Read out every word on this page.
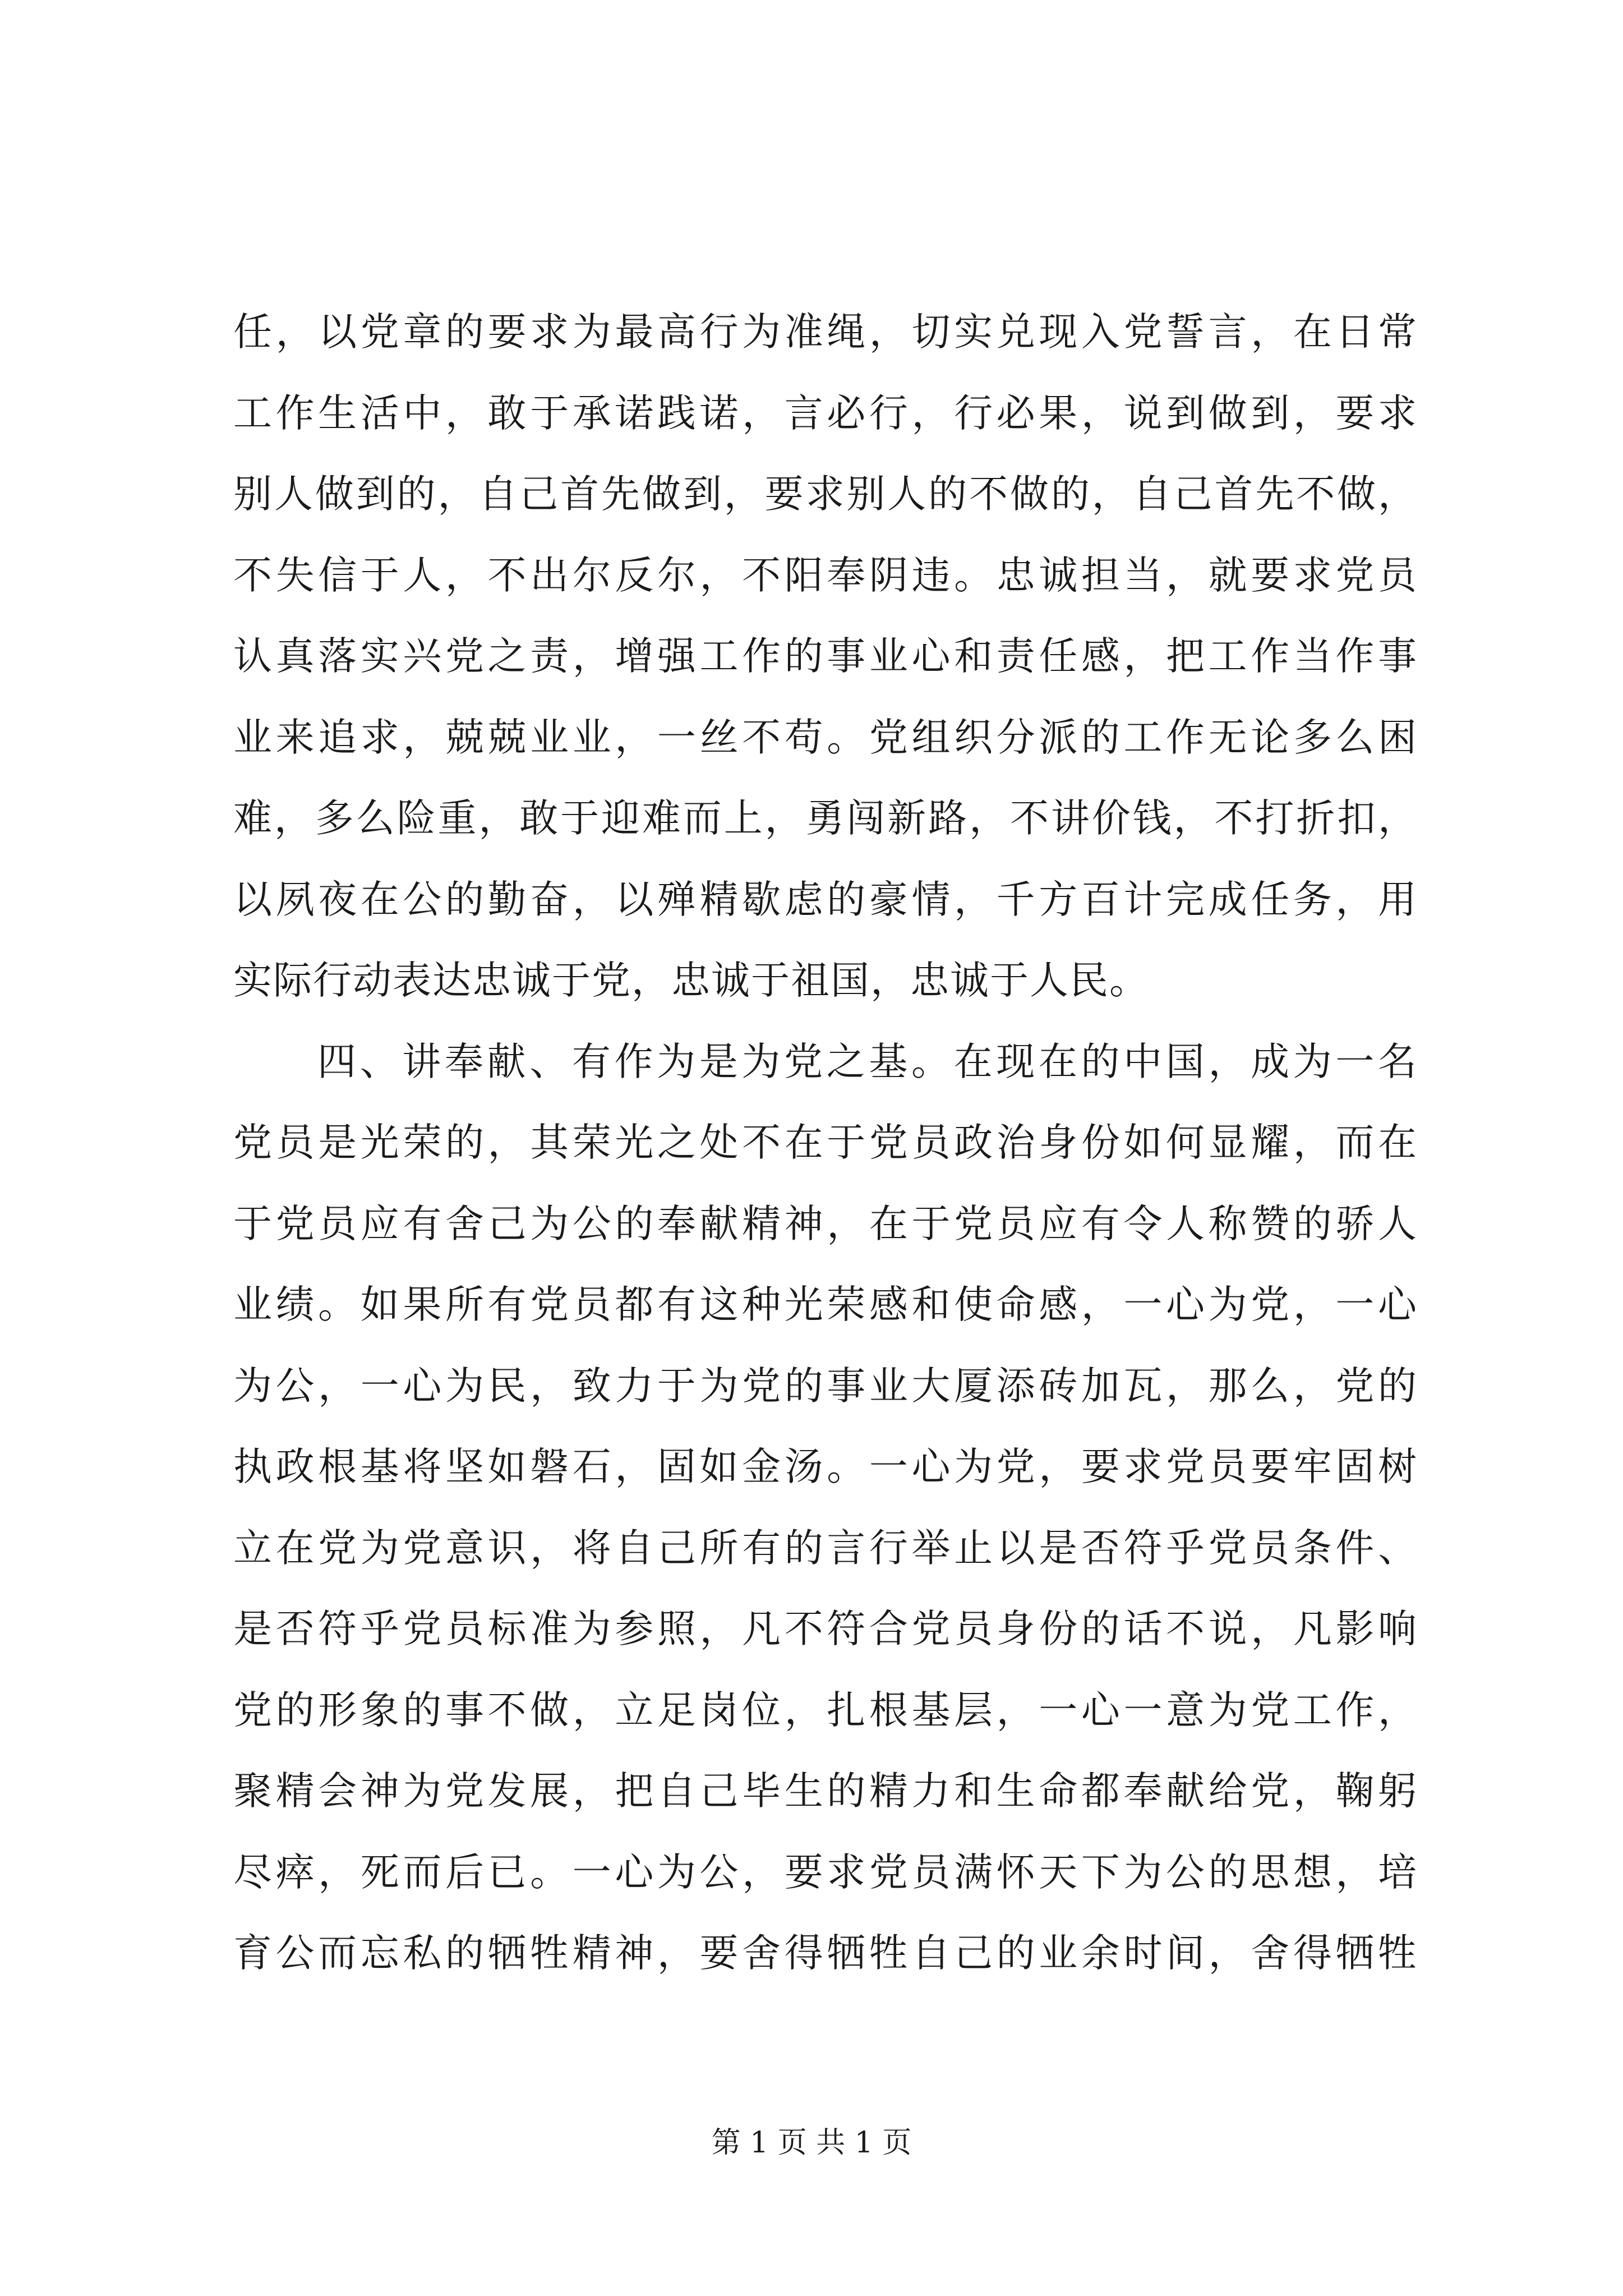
任，以党章的要求为最高行为准绳，切实兑现入党誓言，在日常
工作生活中，敢于承诺践诺，言必行，行必果，说到做到，要求
别人做到的，自己首先做到，要求别人的不做的，自己首先不做，
不失信于人，不出尔反尔，不阳奉阴违。忠诚担当，就要求党员
认真落实兴党之责，增强工作的事业心和责任感，把工作当作事
业来追求，兢兢业业，一丝不苟。党组织分派的工作无论多么困
难，多么险重，敢于迎难而上，勇闯新路，不讲价钱，不打折扣，
以夙夜在公的勤奋，以殚精歇虑的豪情，千方百计完成任务，用
实际行动表达忠诚于党，忠诚于祖国，忠诚于人民。
四、讲奉献、有作为是为党之基。在现在的中国，成为一名
党员是光荣的，其荣光之处不在于党员政治身份如何显耀，而在
于党员应有舍己为公的奉献精神，在于党员应有令人称赞的骄人
业绩。如果所有党员都有这种光荣感和使命感，一心为党，一心
为公，一心为民，致力于为党的事业大厦添砖加瓦，那么，党的
执政根基将坚如磐石，固如金汤。一心为党，要求党员要牢固树
立在党为党意识，将自己所有的言行举止以是否符乎党员条件、
是否符乎党员标准为参照，凡不符合党员身份的话不说，凡影响
党的形象的事不做，立足岗位，扎根基层，一心一意为党工作，
聚精会神为党发展，把自己毕生的精力和生命都奉献给党，鞠躬
尽瘁，死而后已。一心为公，要求党员满怀天下为公的思想，培
育公而忘私的牺牲精神，要舍得牺牲自己的业余时间，舍得牺牲
第 1 页 共 1 页
